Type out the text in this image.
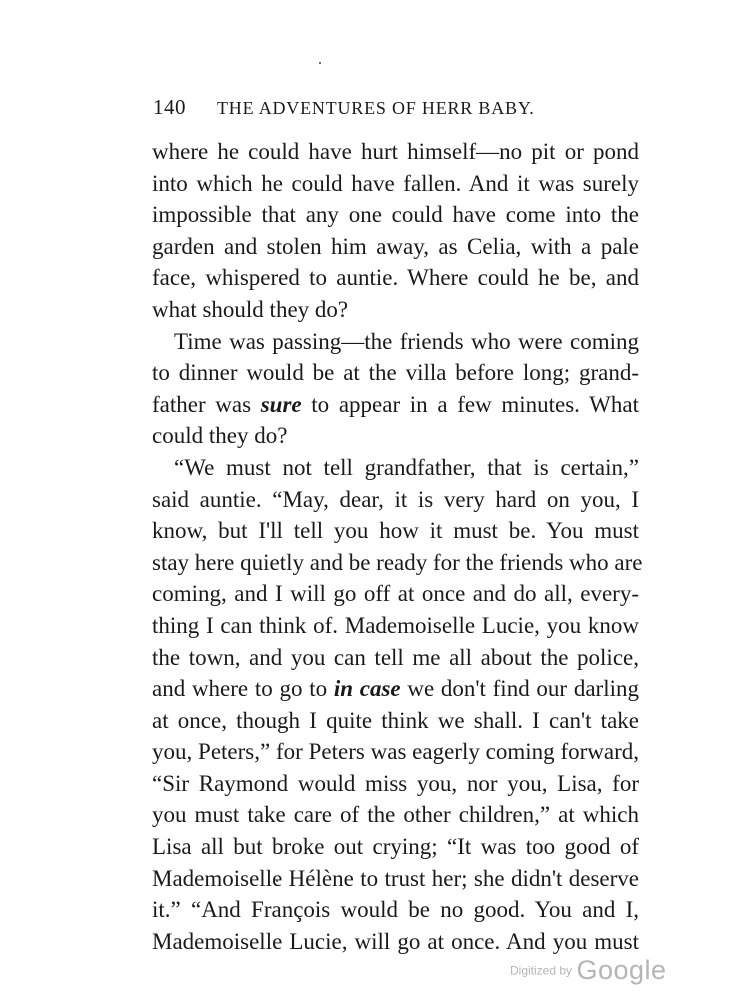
140 THE ADVENTURES OF HERR BABY.
where he could have hurt himself—no pit or pond
into which he could have fallen. And it was surely
impossible that any one could have come into the
garden and stolen him away, as Celia, with a pale
face, whispered to auntie. Where could he be, and
what should they do?
Time was passing—the friends who were coming
to dinner would be at the villa before long; grand-
father was sure to appear in a few minutes. What
could they do?
“We must not tell grandfather, that is certain,”
said auntie. “May, dear, it is very hard on you, I
know, but I'll tell you how it must be. You must
stay here quietly and be ready for the friends who are
coming, and I will go off at once and do all, every-
thing I can think of. Mademoiselle Lucie, you know
the town, and you can tell me all about the police,
and where to go to in case we don't find our darling
at once, though I quite think we shall. I can't take
you, Peters,” for Peters was eagerly coming forward,
“Sir Raymond would miss you, nor you, Lisa, for
you must take care of the other children,” at which
Lisa all but broke out crying; “It was too good of
Mademoiselle Hélène to trust her; she didn't deserve
it.” “And François would be no good. You and I,
Mademoiselle Lucie, will go at once. And you must
Digitized by Google
